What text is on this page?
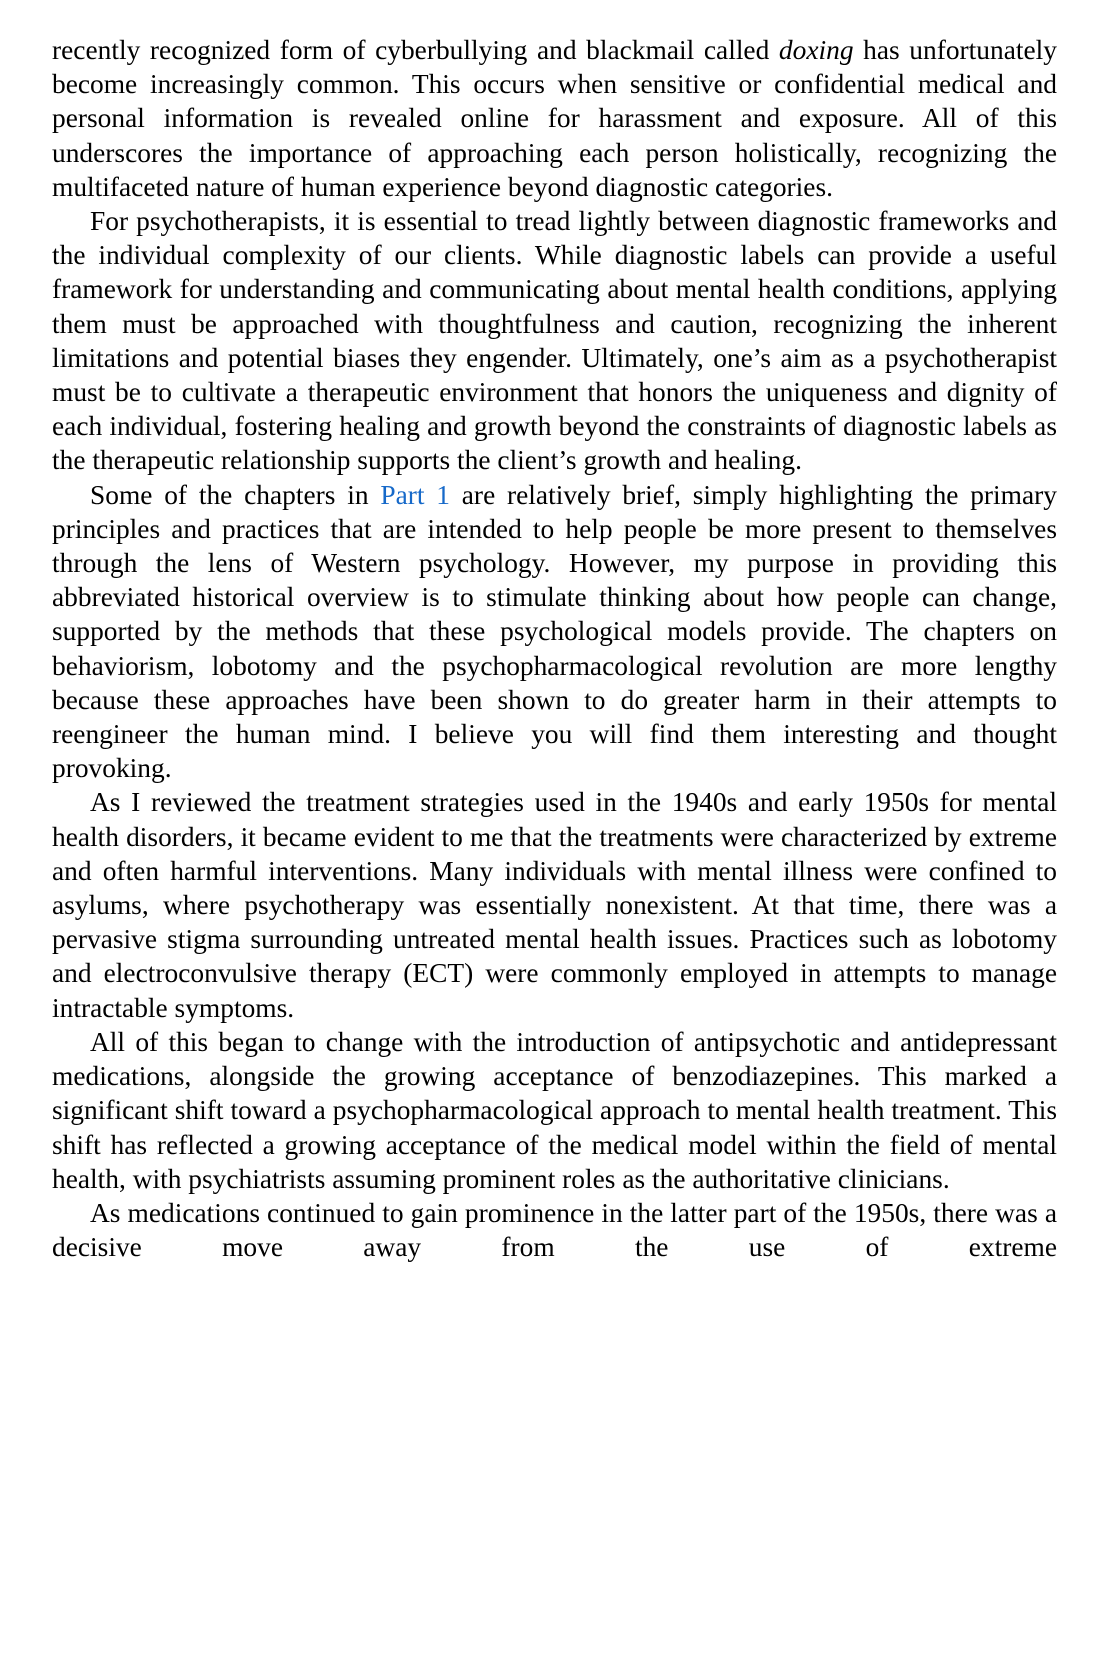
recently recognized form of cyberbullying and blackmail called doxing has unfortunately become increasingly common. This occurs when sensitive or confidential medical and personal information is revealed online for harassment and exposure. All of this underscores the importance of approaching each person holistically, recognizing the multifaceted nature of human experience beyond diagnostic categories.

For psychotherapists, it is essential to tread lightly between diagnostic frameworks and the individual complexity of our clients. While diagnostic labels can provide a useful framework for understanding and communicating about mental health conditions, applying them must be approached with thoughtfulness and caution, recognizing the inherent limitations and potential biases they engender. Ultimately, one’s aim as a psychotherapist must be to cultivate a therapeutic environment that honors the uniqueness and dignity of each individual, fostering healing and growth beyond the constraints of diagnostic labels as the therapeutic relationship supports the client’s growth and healing.

Some of the chapters in Part 1 are relatively brief, simply highlighting the primary principles and practices that are intended to help people be more present to themselves through the lens of Western psychology. However, my purpose in providing this abbreviated historical overview is to stimulate thinking about how people can change, supported by the methods that these psychological models provide. The chapters on behaviorism, lobotomy and the psychopharmacological revolution are more lengthy because these approaches have been shown to do greater harm in their attempts to reengineer the human mind. I believe you will find them interesting and thought provoking.

As I reviewed the treatment strategies used in the 1940s and early 1950s for mental health disorders, it became evident to me that the treatments were characterized by extreme and often harmful interventions. Many individuals with mental illness were confined to asylums, where psychotherapy was essentially nonexistent. At that time, there was a pervasive stigma surrounding untreated mental health issues. Practices such as lobotomy and electroconvulsive therapy (ECT) were commonly employed in attempts to manage intractable symptoms.

All of this began to change with the introduction of antipsychotic and antidepressant medications, alongside the growing acceptance of benzodiazepines. This marked a significant shift toward a psychopharmacological approach to mental health treatment. This shift has reflected a growing acceptance of the medical model within the field of mental health, with psychiatrists assuming prominent roles as the authoritative clinicians.

As medications continued to gain prominence in the latter part of the 1950s, there was a decisive move away from the use of extreme
